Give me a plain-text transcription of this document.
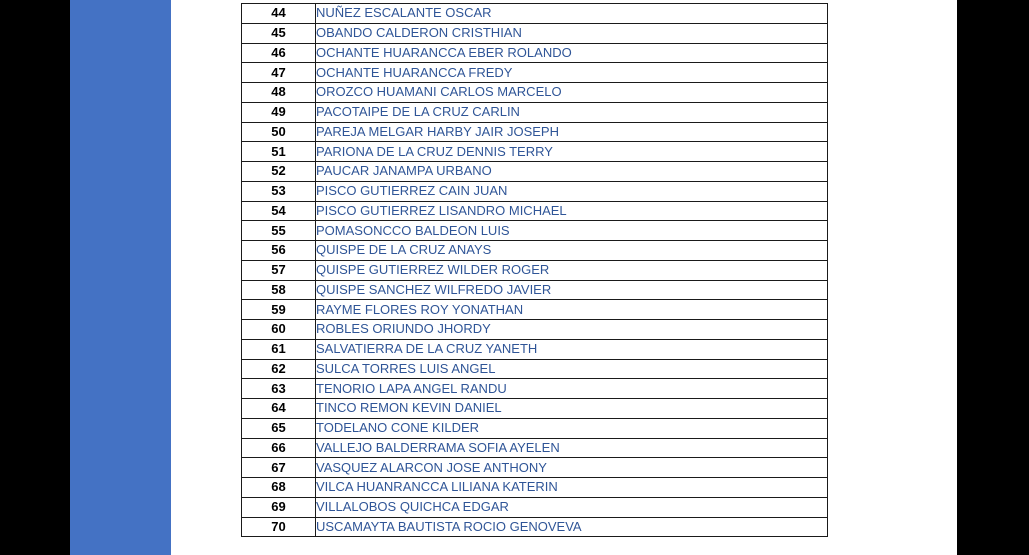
44	NUÑEZ ESCALANTE OSCAR
45	OBANDO CALDERON CRISTHIAN
46	OCHANTE HUARANCCA EBER ROLANDO
47	OCHANTE HUARANCCA FREDY
48	OROZCO HUAMANI CARLOS MARCELO
49	PACOTAIPE DE LA CRUZ CARLIN
50	PAREJA MELGAR HARBY JAIR JOSEPH
51	PARIONA DE LA CRUZ DENNIS TERRY
52	PAUCAR JANAMPA URBANO
53	PISCO GUTIERREZ CAIN JUAN
54	PISCO GUTIERREZ LISANDRO MICHAEL
55	POMASONCCO BALDEON LUIS
56	QUISPE DE LA CRUZ ANAYS
57	QUISPE GUTIERREZ WILDER ROGER
58	QUISPE SANCHEZ WILFREDO JAVIER
59	RAYME FLORES ROY YONATHAN
60	ROBLES ORIUNDO JHORDY
61	SALVATIERRA DE LA CRUZ YANETH
62	SULCA TORRES LUIS ANGEL
63	TENORIO LAPA ANGEL RANDU
64	TINCO REMON KEVIN DANIEL
65	TODELANO CONE KILDER
66	VALLEJO BALDERRAMA SOFIA AYELEN
67	VASQUEZ ALARCON JOSE ANTHONY
68	VILCA HUANRANCCA LILIANA KATERIN
69	VILLALOBOS QUICHCA EDGAR
70	USCAMAYTA BAUTISTA ROCIO GENOVEVA
